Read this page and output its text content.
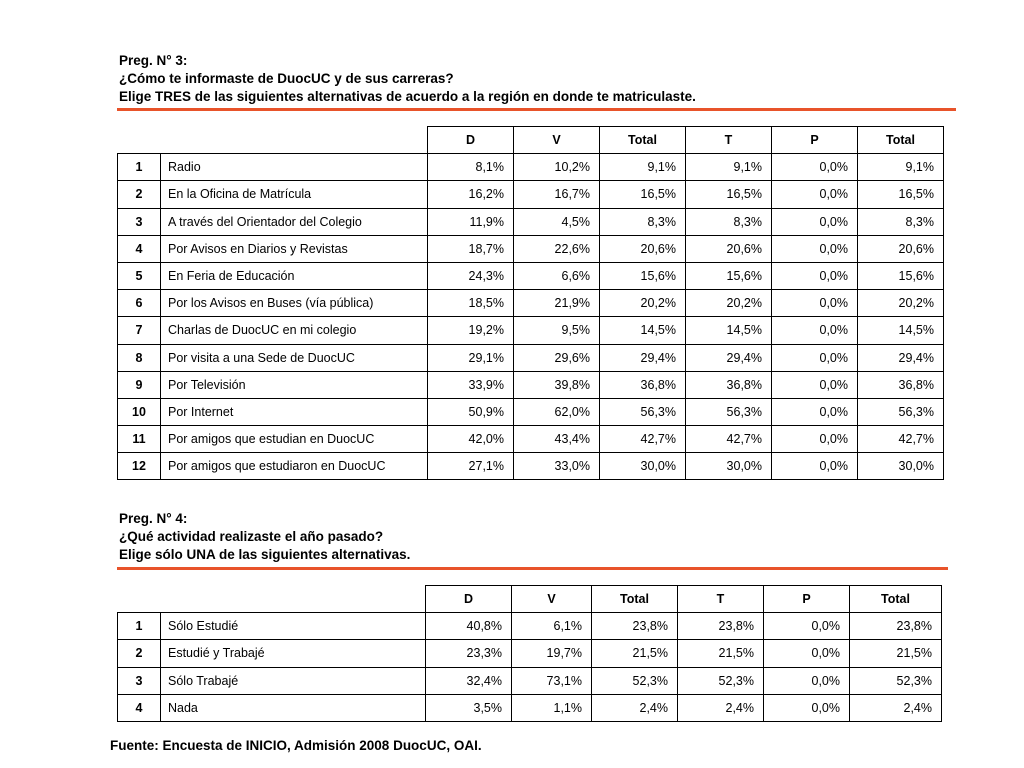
Preg. N° 3:
¿Cómo te informaste de DuocUC y de sus carreras?
Elige TRES de las siguientes alternativas de acuerdo a la región en donde te matriculaste.
		D	V	Total	T	P	Total
1	Radio	8,1%	10,2%	9,1%	9,1%	0,0%	9,1%
2	En la Oficina de Matrícula	16,2%	16,7%	16,5%	16,5%	0,0%	16,5%
3	A través del Orientador del Colegio	11,9%	4,5%	8,3%	8,3%	0,0%	8,3%
4	Por Avisos en Diarios y Revistas	18,7%	22,6%	20,6%	20,6%	0,0%	20,6%
5	En Feria de Educación	24,3%	6,6%	15,6%	15,6%	0,0%	15,6%
6	Por los Avisos en Buses (vía pública)	18,5%	21,9%	20,2%	20,2%	0,0%	20,2%
7	Charlas de DuocUC en mi colegio	19,2%	9,5%	14,5%	14,5%	0,0%	14,5%
8	Por visita a una Sede de DuocUC	29,1%	29,6%	29,4%	29,4%	0,0%	29,4%
9	Por Televisión	33,9%	39,8%	36,8%	36,8%	0,0%	36,8%
10	Por Internet	50,9%	62,0%	56,3%	56,3%	0,0%	56,3%
11	Por amigos que estudian en DuocUC	42,0%	43,4%	42,7%	42,7%	0,0%	42,7%
12	Por amigos que estudiaron en DuocUC	27,1%	33,0%	30,0%	30,0%	0,0%	30,0%
Preg. N° 4:
¿Qué actividad realizaste el año pasado?
Elige sólo UNA de las siguientes alternativas.
		D	V	Total	T	P	Total
1	Sólo Estudié	40,8%	6,1%	23,8%	23,8%	0,0%	23,8%
2	Estudié y Trabajé	23,3%	19,7%	21,5%	21,5%	0,0%	21,5%
3	Sólo Trabajé	32,4%	73,1%	52,3%	52,3%	0,0%	52,3%
4	Nada	3,5%	1,1%	2,4%	2,4%	0,0%	2,4%
Fuente: Encuesta de INICIO, Admisión 2008 DuocUC, OAI.
